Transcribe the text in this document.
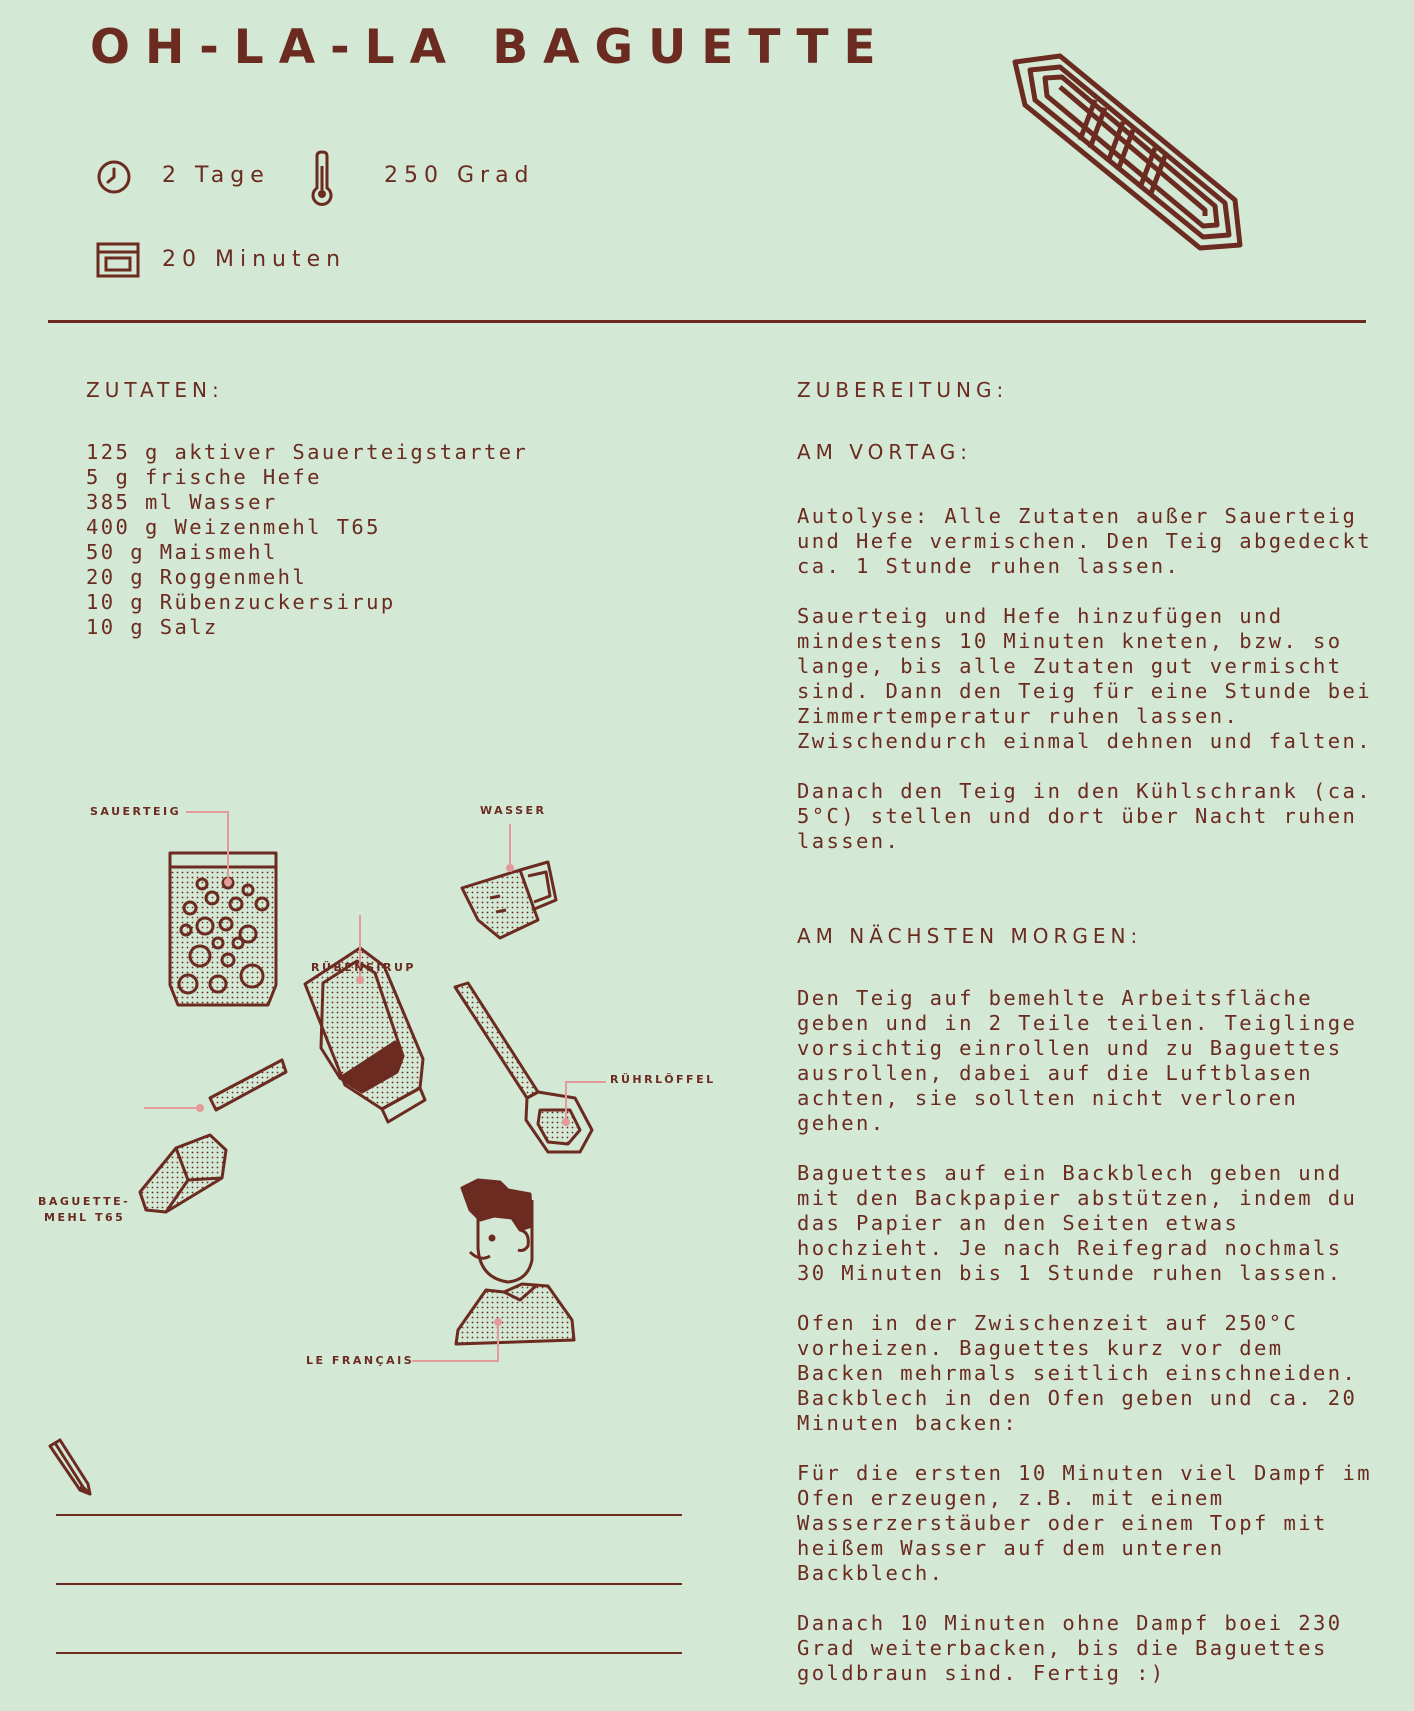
OH-LA-LA BAGUETTE
2 Tage	250 Grad
20 Minuten
ZUTATEN:
125 g aktiver Sauerteigstarter
5 g frische Hefe
385 ml Wasser
400 g Weizenmehl T65
50 g Maismehl
20 g Roggenmehl
10 g Rübenzuckersirup
10 g Salz
ZUBEREITUNG:
AM VORTAG:

Autolyse: Alle Zutaten außer Sauerteig
und Hefe vermischen. Den Teig abgedeckt
ca. 1 Stunde ruhen lassen.

Sauerteig und Hefe hinzufügen und
mindestens 10 Minuten kneten, bzw. so
lange, bis alle Zutaten gut vermischt
sind. Dann den Teig für eine Stunde bei
Zimmertemperatur ruhen lassen.
Zwischendurch einmal dehnen und falten.

Danach den Teig in den Kühlschrank (ca.
5°C) stellen und dort über Nacht ruhen
lassen.

AM NÄCHSTEN MORGEN:

Den Teig auf bemehlte Arbeitsfläche
geben und in 2 Teile teilen. Teiglinge
vorsichtig einrollen und zu Baguettes
ausrollen, dabei auf die Luftblasen
achten, sie sollten nicht verloren
gehen.

Baguettes auf ein Backblech geben und
mit den Backpapier abstützen, indem du
das Papier an den Seiten etwas
hochzieht. Je nach Reifegrad nochmals
30 Minuten bis 1 Stunde ruhen lassen.

Ofen in der Zwischenzeit auf 250°C
vorheizen. Baguettes kurz vor dem
Backen mehrmals seitlich einschneiden.
Backblech in den Ofen geben und ca. 20
Minuten backen:

Für die ersten 10 Minuten viel Dampf im
Ofen erzeugen, z.B. mit einem
Wasserzerstäuber oder einem Topf mit
heißem Wasser auf dem unteren
Backblech.

Danach 10 Minuten ohne Dampf boei 230
Grad weiterbacken, bis die Baguettes
goldbraun sind. Fertig :)

SAUERTEIG	WASSER
RÜBENSIRUP
RÜHRLÖFFEL
BAGUETTE-
MEHL T65
LE FRANÇAIS
